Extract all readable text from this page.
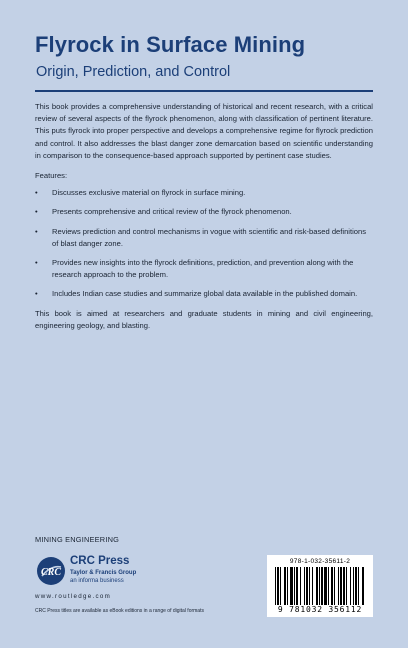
Flyrock in Surface Mining
Origin, Prediction, and Control

This book provides a comprehensive understanding of historical and recent research, with a critical review of several aspects of the flyrock phenomenon, along with classification of pertinent literature. This puts flyrock into proper perspective and develops a comprehensive regime for flyrock prediction and control. It also addresses the blast danger zone demarcation based on scientific understanding in comparison to the consequence-based approach supported by pertinent case studies.

Features:

• Discusses exclusive material on flyrock in surface mining.
• Presents comprehensive and critical review of the flyrock phenomenon.
• Reviews prediction and control mechanisms in vogue with scientific and risk-based definitions of blast danger zone.
• Provides new insights into the flyrock definitions, prediction, and prevention along with the research approach to the problem.
• Includes Indian case studies and summarize global data available in the published domain.

This book is aimed at researchers and graduate students in mining and civil engineering, engineering geology, and blasting.

MINING ENGINEERING
CRC
CRC Press
Taylor & Francis Group
an informa business
www.routledge.com
CRC Press titles are available as eBook editions in a range of digital formats
978-1-032-35611-2
9 781032 356112
